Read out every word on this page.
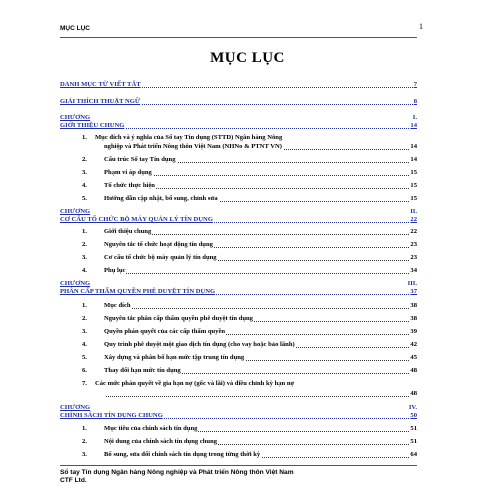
MỤC LỤC	1
MỤC LỤC
DANH MỤC TỪ VIẾT TẮT	7
GIẢI THÍCH THUẬT NGỮ	8
CHƯƠNG	I.
GIỚI THIỆU CHUNG	14
1. Mục đích và ý nghĩa của Sổ tay Tín dụng (STTD) Ngân hàng Nông
nghiệp và Phát triển Nông thôn Việt Nam (NHNo & PTNT VN)	14
2.	Cấu trúc Sổ tay Tín dụng	14
3.	Phạm vi áp dụng	15
4.	Tổ chức thực hiện	15
5.	Hướng dẫn cập nhật, bổ sung, chỉnh sửa	15
CHƯƠNG	II.
CƠ CẤU TỔ CHỨC BỘ MÁY QUẢN LÝ TÍN DỤNG	22
1.	Giới thiệu chung	22
2.	Nguyên tắc tổ chức hoạt động tín dụng	23
3.	Cơ cấu tổ chức bộ máy quản lý tín dụng	23
4.	Phụ lục	34
CHƯƠNG	III.
PHÂN CẤP THẨM QUYỀN PHÊ DUYỆT TÍN DỤNG	37
1.	Mục đích	38
2.	Nguyên tắc phân cấp thẩm quyền phê duyệt tín dụng	38
3.	Quyền phán quyết của các cấp thẩm quyền	39
4.	Quy trình phê duyệt một giao dịch tín dụng (cho vay hoặc bảo lãnh)	42
5.	Xây dựng và phân bổ hạn mức tập trung tín dụng	45
6.	Thay đổi hạn mức tín dụng	48
7. Các mức phán quyết về gia hạn nợ (gốc và lãi) và điều chỉnh kỳ hạn nợ
48
CHƯƠNG	IV.
CHÍNH SÁCH TÍN DỤNG CHUNG	50
1.	Mục tiêu của chính sách tín dụng	51
2.	Nội dung của chính sách tín dụng chung	51
3.	Bổ sung, sửa đổi chính sách tín dụng trong từng thời kỳ	64
Sổ tay Tín dụng Ngân hàng Nông nghiệp và Phát triển Nông thôn Việt Nam
CTF Ltd.
